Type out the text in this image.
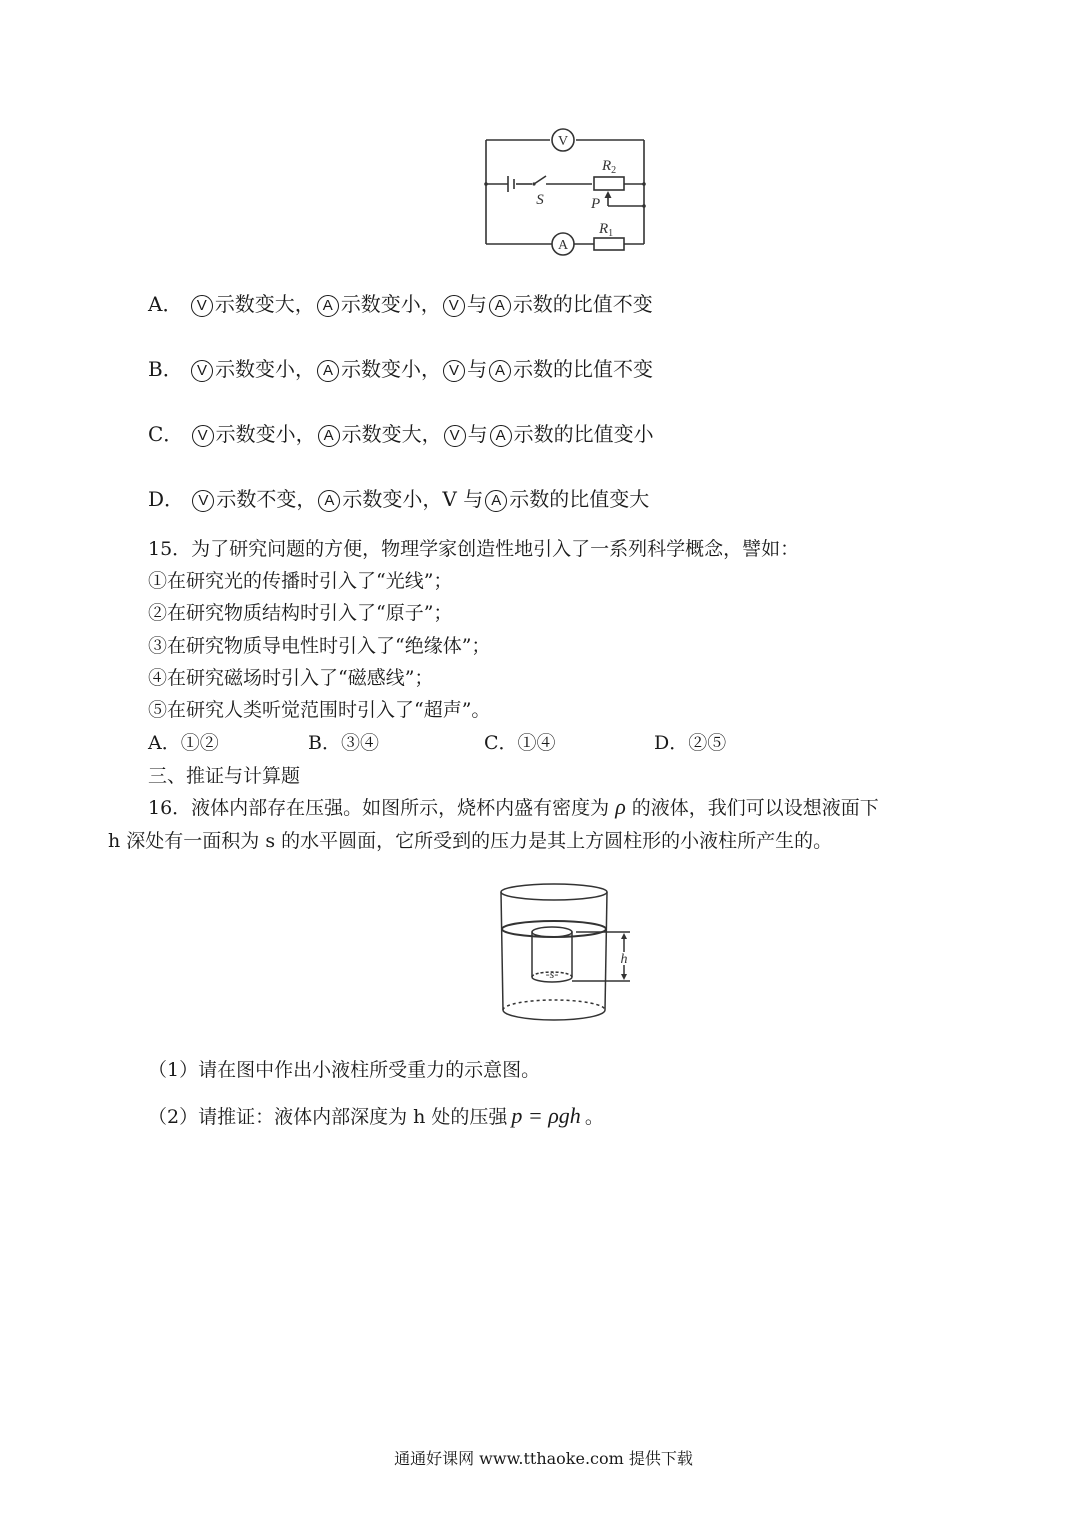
V
A
S
$R_2$
P
$R_1$
A． V 示数变大， A 示数变小， V 与 A 示数的比值不变
B． V 示数变小， A 示数变小， V 与 A 示数的比值不变
C． V 示数变小， A 示数变大， V 与 A 示数的比值变小
D． V 示数不变， A 示数变小，V 与 A 示数的比值变大
15．为了研究问题的方便，物理学家创造性地引入了一系列科学概念，譬如：
①在研究光的传播时引入了“光线”；
②在研究物质结构时引入了“原子”；
③在研究物质导电性时引入了“绝缘体”；
④在研究磁场时引入了“磁感线”；
⑤在研究人类听觉范围时引入了“超声”。
A．①②	B．③④	C．①④	D．②⑤
三、推证与计算题
16．液体内部存在压强。如图所示，烧杯内盛有密度为 ρ 的液体，我们可以设想液面下
h 深处有一面积为 s 的水平圆面，它所受到的压力是其上方圆柱形的小液柱所产生的。
h
-s-
（1）请在图中作出小液柱所受重力的示意图。
（2）请推证：液体内部深度为 h 处的压强 p = ρgh 。
通通好课网 www.tthaoke.com 提供下载
